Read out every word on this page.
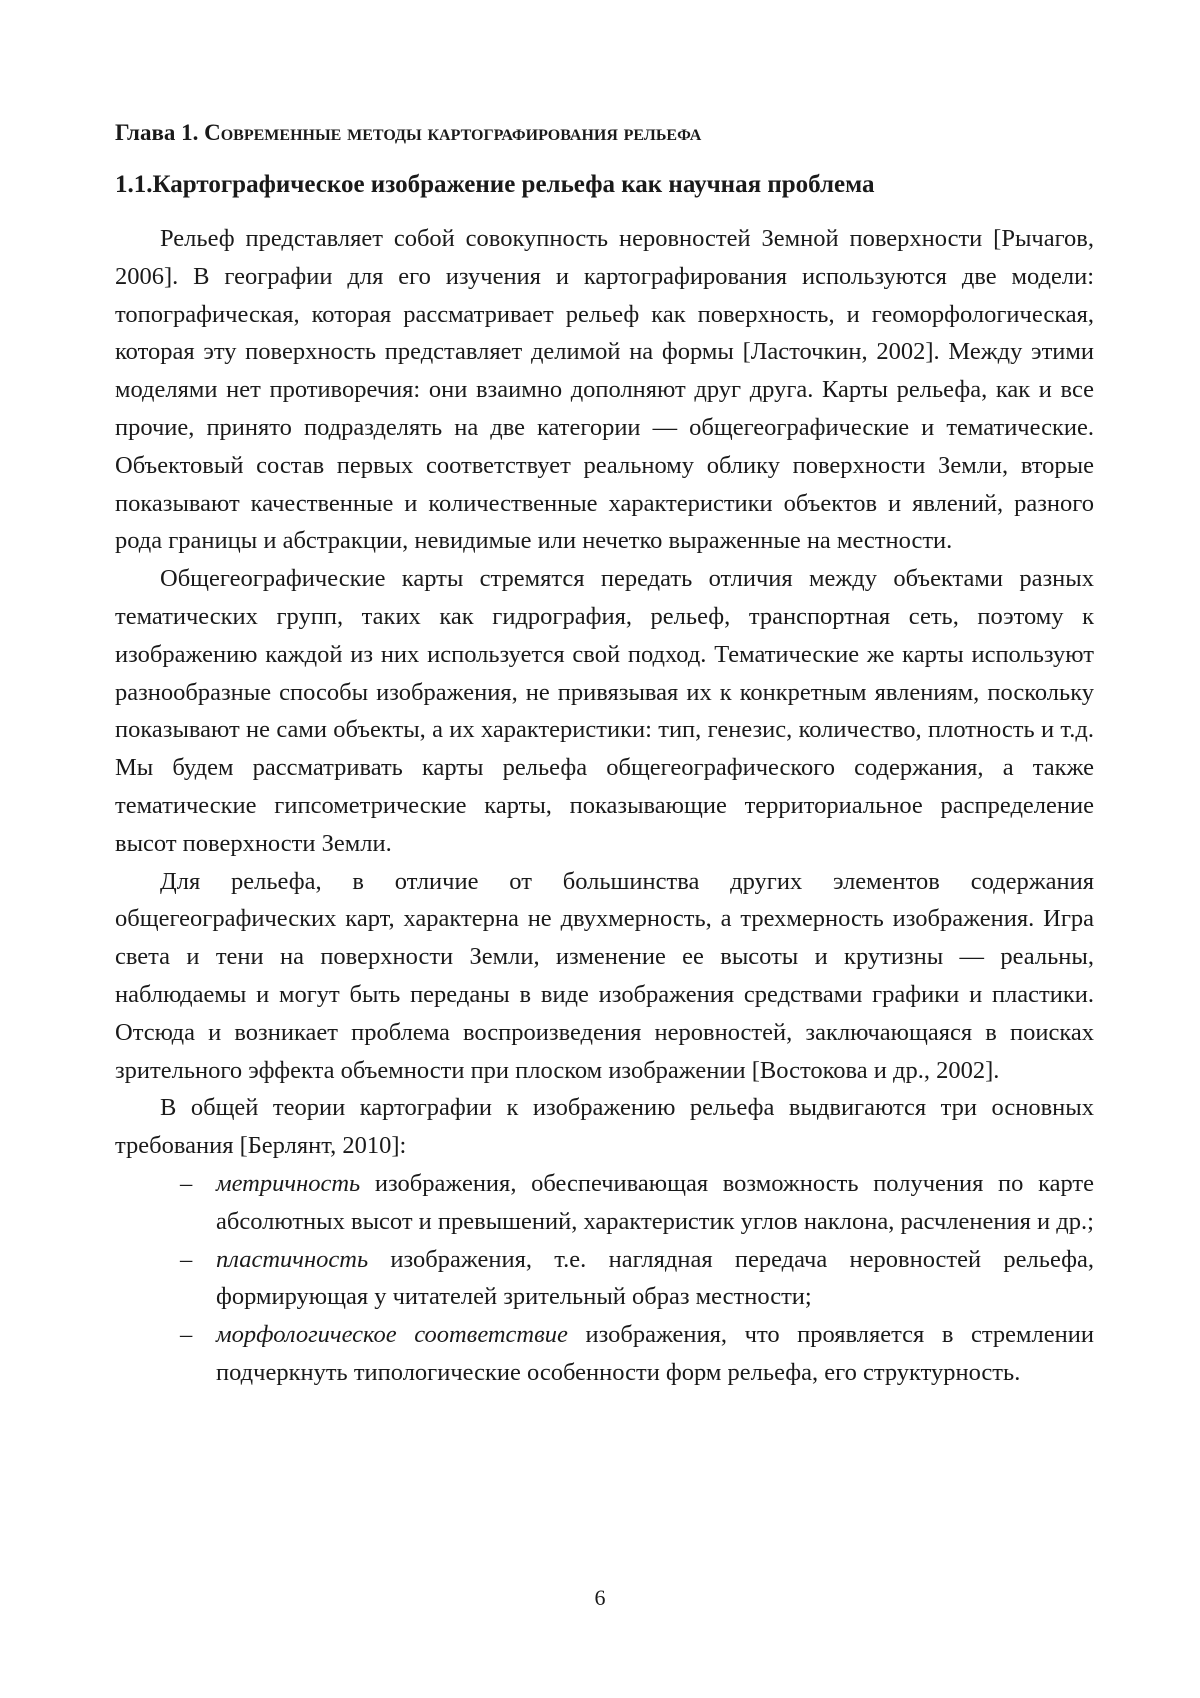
Глава 1. Современные методы картографирования рельефа
1.1.Картографическое изображение рельефа как научная проблема

Рельеф представляет собой совокупность неровностей Земной поверхности [Рычагов, 2006]. В географии для его изучения и картографирования используются две модели: топографическая, которая рассматривает рельеф как поверхность, и геоморфологическая, которая эту поверхность представляет делимой на формы [Ласточкин, 2002]. Между этими моделями нет противоречия: они взаимно дополняют друг друга. Карты рельефа, как и все прочие, принято подразделять на две категории — общегеографические и тематические. Объектовый состав первых соответствует реальному облику поверхности Земли, вторые показывают качественные и количественные характеристики объектов и явлений, разного рода границы и абстракции, невидимые или нечетко выраженные на местности.

Общегеографические карты стремятся передать отличия между объектами разных тематических групп, таких как гидрография, рельеф, транспортная сеть, поэтому к изображению каждой из них используется свой подход. Тематические же карты используют разнообразные способы изображения, не привязывая их к конкретным явлениям, поскольку показывают не сами объекты, а их характеристики: тип, генезис, количество, плотность и т.д. Мы будем рассматривать карты рельефа общегеографического содержания, а также тематические гипсометрические карты, показывающие территориальное распределение высот поверхности Земли.

Для рельефа, в отличие от большинства других элементов содержания общегеографических карт, характерна не двухмерность, а трехмерность изображения. Игра света и тени на поверхности Земли, изменение ее высоты и крутизны — реальны, наблюдаемы и могут быть переданы в виде изображения средствами графики и пластики. Отсюда и возникает проблема воспроизведения неровностей, заключающаяся в поисках зрительного эффекта объемности при плоском изображении [Востокова и др., 2002].

В общей теории картографии к изображению рельефа выдвигаются три основных требования [Берлянт, 2010]:

– метричность изображения, обеспечивающая возможность получения по карте абсолютных высот и превышений, характеристик углов наклона, расчленения и др.;
– пластичность изображения, т.е. наглядная передача неровностей рельефа, формирующая у читателей зрительный образ местности;
– морфологическое соответствие изображения, что проявляется в стремлении подчеркнуть типологические особенности форм рельефа, его структурность.
6
